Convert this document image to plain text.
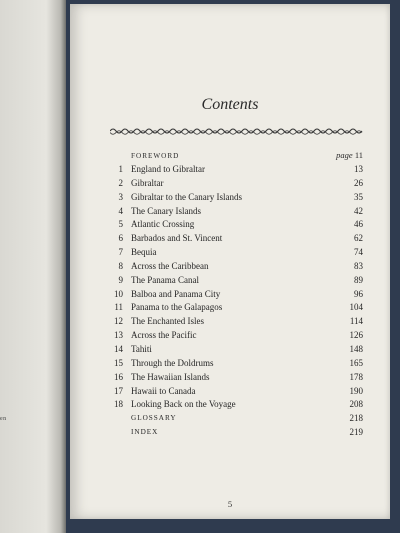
en
Contents
FOREWORD	page 11
1 England to Gibraltar	13
2 Gibraltar	26
3 Gibraltar to the Canary Islands	35
4 The Canary Islands	42
5 Atlantic Crossing	46
6 Barbados and St. Vincent	62
7 Bequia	74
8 Across the Caribbean	83
9 The Panama Canal	89
10 Balboa and Panama City	96
11 Panama to the Galapagos	104
12 The Enchanted Isles	114
13 Across the Pacific	126
14 Tahiti	148
15 Through the Doldrums	165
16 The Hawaiian Islands	178
17 Hawaii to Canada	190
18 Looking Back on the Voyage	208
GLOSSARY	218
INDEX	219
5
